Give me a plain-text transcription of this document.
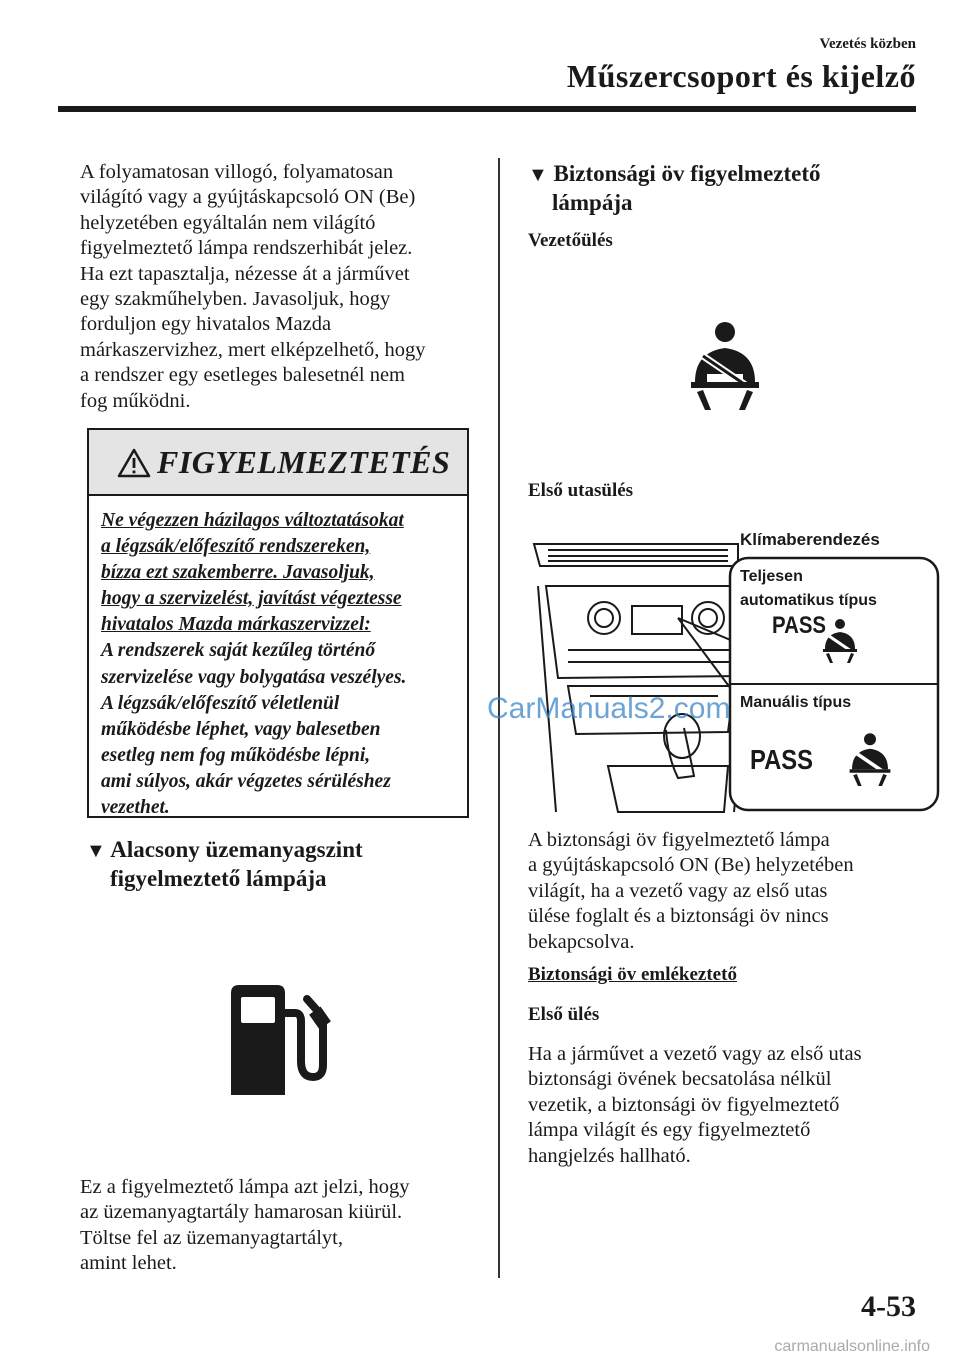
Vezetés közben
Műszercsoport és kijelző
A folyamatosan villogó, folyamatosan
világító vagy a gyújtáskapcsoló ON (Be)
helyzetében egyáltalán nem világító
figyelmeztető lámpa rendszerhibát jelez.
Ha ezt tapasztalja, nézesse át a járművet
egy szakműhelyben. Javasoljuk, hogy
forduljon egy hivatalos Mazda
márkaszervizhez, mert elképzelhető, hogy
a rendszer egy esetleges balesetnél nem
fog működni.
FIGYELMEZTETÉS
Ne végezzen házilagos változtatásokat
a légzsák/előfeszítő rendszereken,
bízza ezt szakemberre. Javasoljuk,
hogy a szervizelést, javítást végeztesse
hivatalos Mazda márkaszervizzel:
A rendszerek saját kezűleg történő
szervizelése vagy bolygatása veszélyes.
A légzsák/előfeszítő véletlenül
működésbe léphet, vagy balesetben
esetleg nem fog működésbe lépni,
ami súlyos, akár végzetes sérüléshez
vezethet.
▼ Alacsony üzemanyagszint
figyelmeztető lámpája
Ez a figyelmeztető lámpa azt jelzi, hogy
az üzemanyagtartály hamarosan kiürül.
Töltse fel az üzemanyagtartályt,
amint lehet.
▼ Biztonsági öv figyelmeztető
lámpája
Vezetőülés
Első utasülés
Klímaberendezés
Teljesen
automatikus típus
PASS
Manuális típus
PASS
A biztonsági öv figyelmeztető lámpa
a gyújtáskapcsoló ON (Be) helyzetében
világít, ha a vezető vagy az első utas
ülése foglalt és a biztonsági öv nincs
bekapcsolva.
Biztonsági öv emlékeztető
Első ülés
Ha a járművet a vezető vagy az első utas
biztonsági övének becsatolása nélkül
vezetik, a biztonsági öv figyelmeztető
lámpa világít és egy figyelmeztető
hangjelzés hallható.
CarManuals2.com
4-53
carmanualsonline.info
